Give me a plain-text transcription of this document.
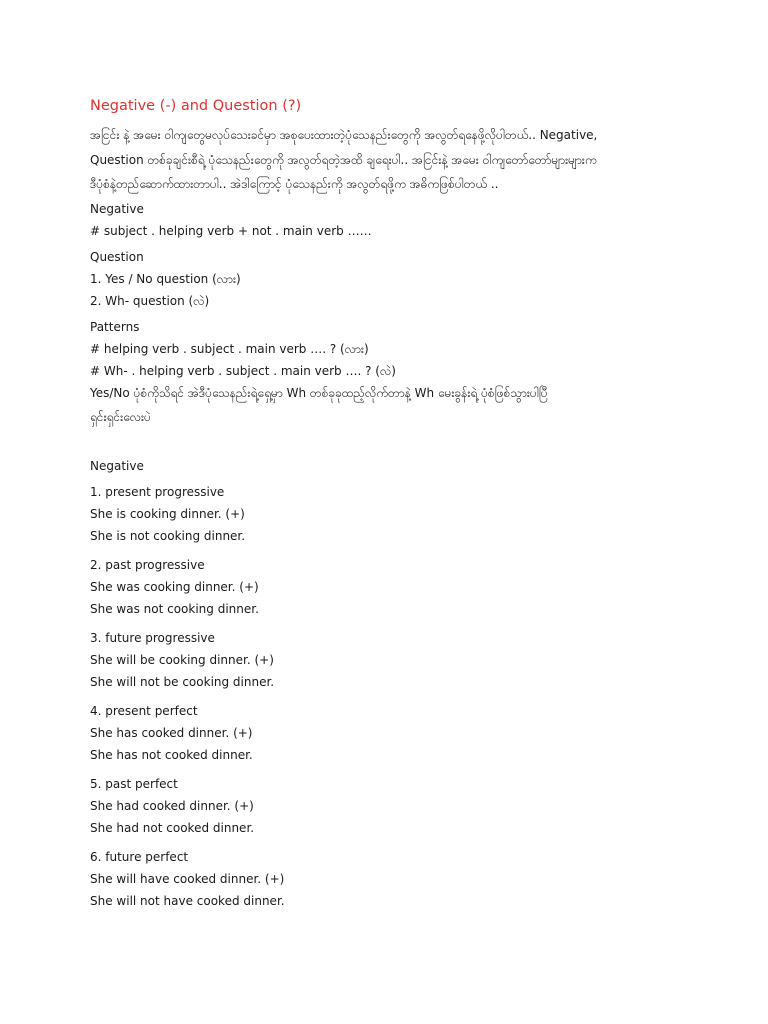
Negative (-) and Question (?)
အငြင်း နဲ့ အမေး ဝါကျတွေမလုပ်သေးခင်မှာ အစုပေးထားတဲ့ပုံသေနည်းတွေကို အလွတ်ရနေဖို့လိုပါတယ်.. Negative,
Question တစ်ခုချင်းစီရဲ့ ပုံသေနည်းတွေကို အလွတ်ရတဲ့အထိ ချရေးပါ.. အငြင်းနဲ့ အမေး ဝါကျတော်တော်များများက
ဒီပုံစံနဲ့တည်ဆောက်ထားတာပါ.. အဲဒါကြောင့် ပုံသေနည်းကို အလွတ်ရဖို့က အဓိကဖြစ်ပါတယ် ..
Negative
# subject . helping verb + not . main verb ……
Question
1. Yes / No question (လား)
2. Wh- question (လဲ)
Patterns
# helping verb . subject . main verb …. ? (လား)
# Wh- . helping verb . subject . main verb …. ? (လဲ)
Yes/No ပုံစံကိုသိရင် အဲဒီပုံသေနည်းရဲ့ရှေ့မှာ Wh တစ်ခုခုထည့်လိုက်တာနဲ့ Wh မေးခွန်းရဲ့ ပုံစံဖြစ်သွားပါပြီ
ရှင်းရှင်းလေးပဲ
Negative
1. present progressive
She is cooking dinner. (+)
She is not cooking dinner.
2. past progressive
She was cooking dinner. (+)
She was not cooking dinner.
3. future progressive
She will be cooking dinner. (+)
She will not be cooking dinner.
4. present perfect
She has cooked dinner. (+)
She has not cooked dinner.
5. past perfect
She had cooked dinner. (+)
She had not cooked dinner.
6. future perfect
She will have cooked dinner. (+)
She will not have cooked dinner.
